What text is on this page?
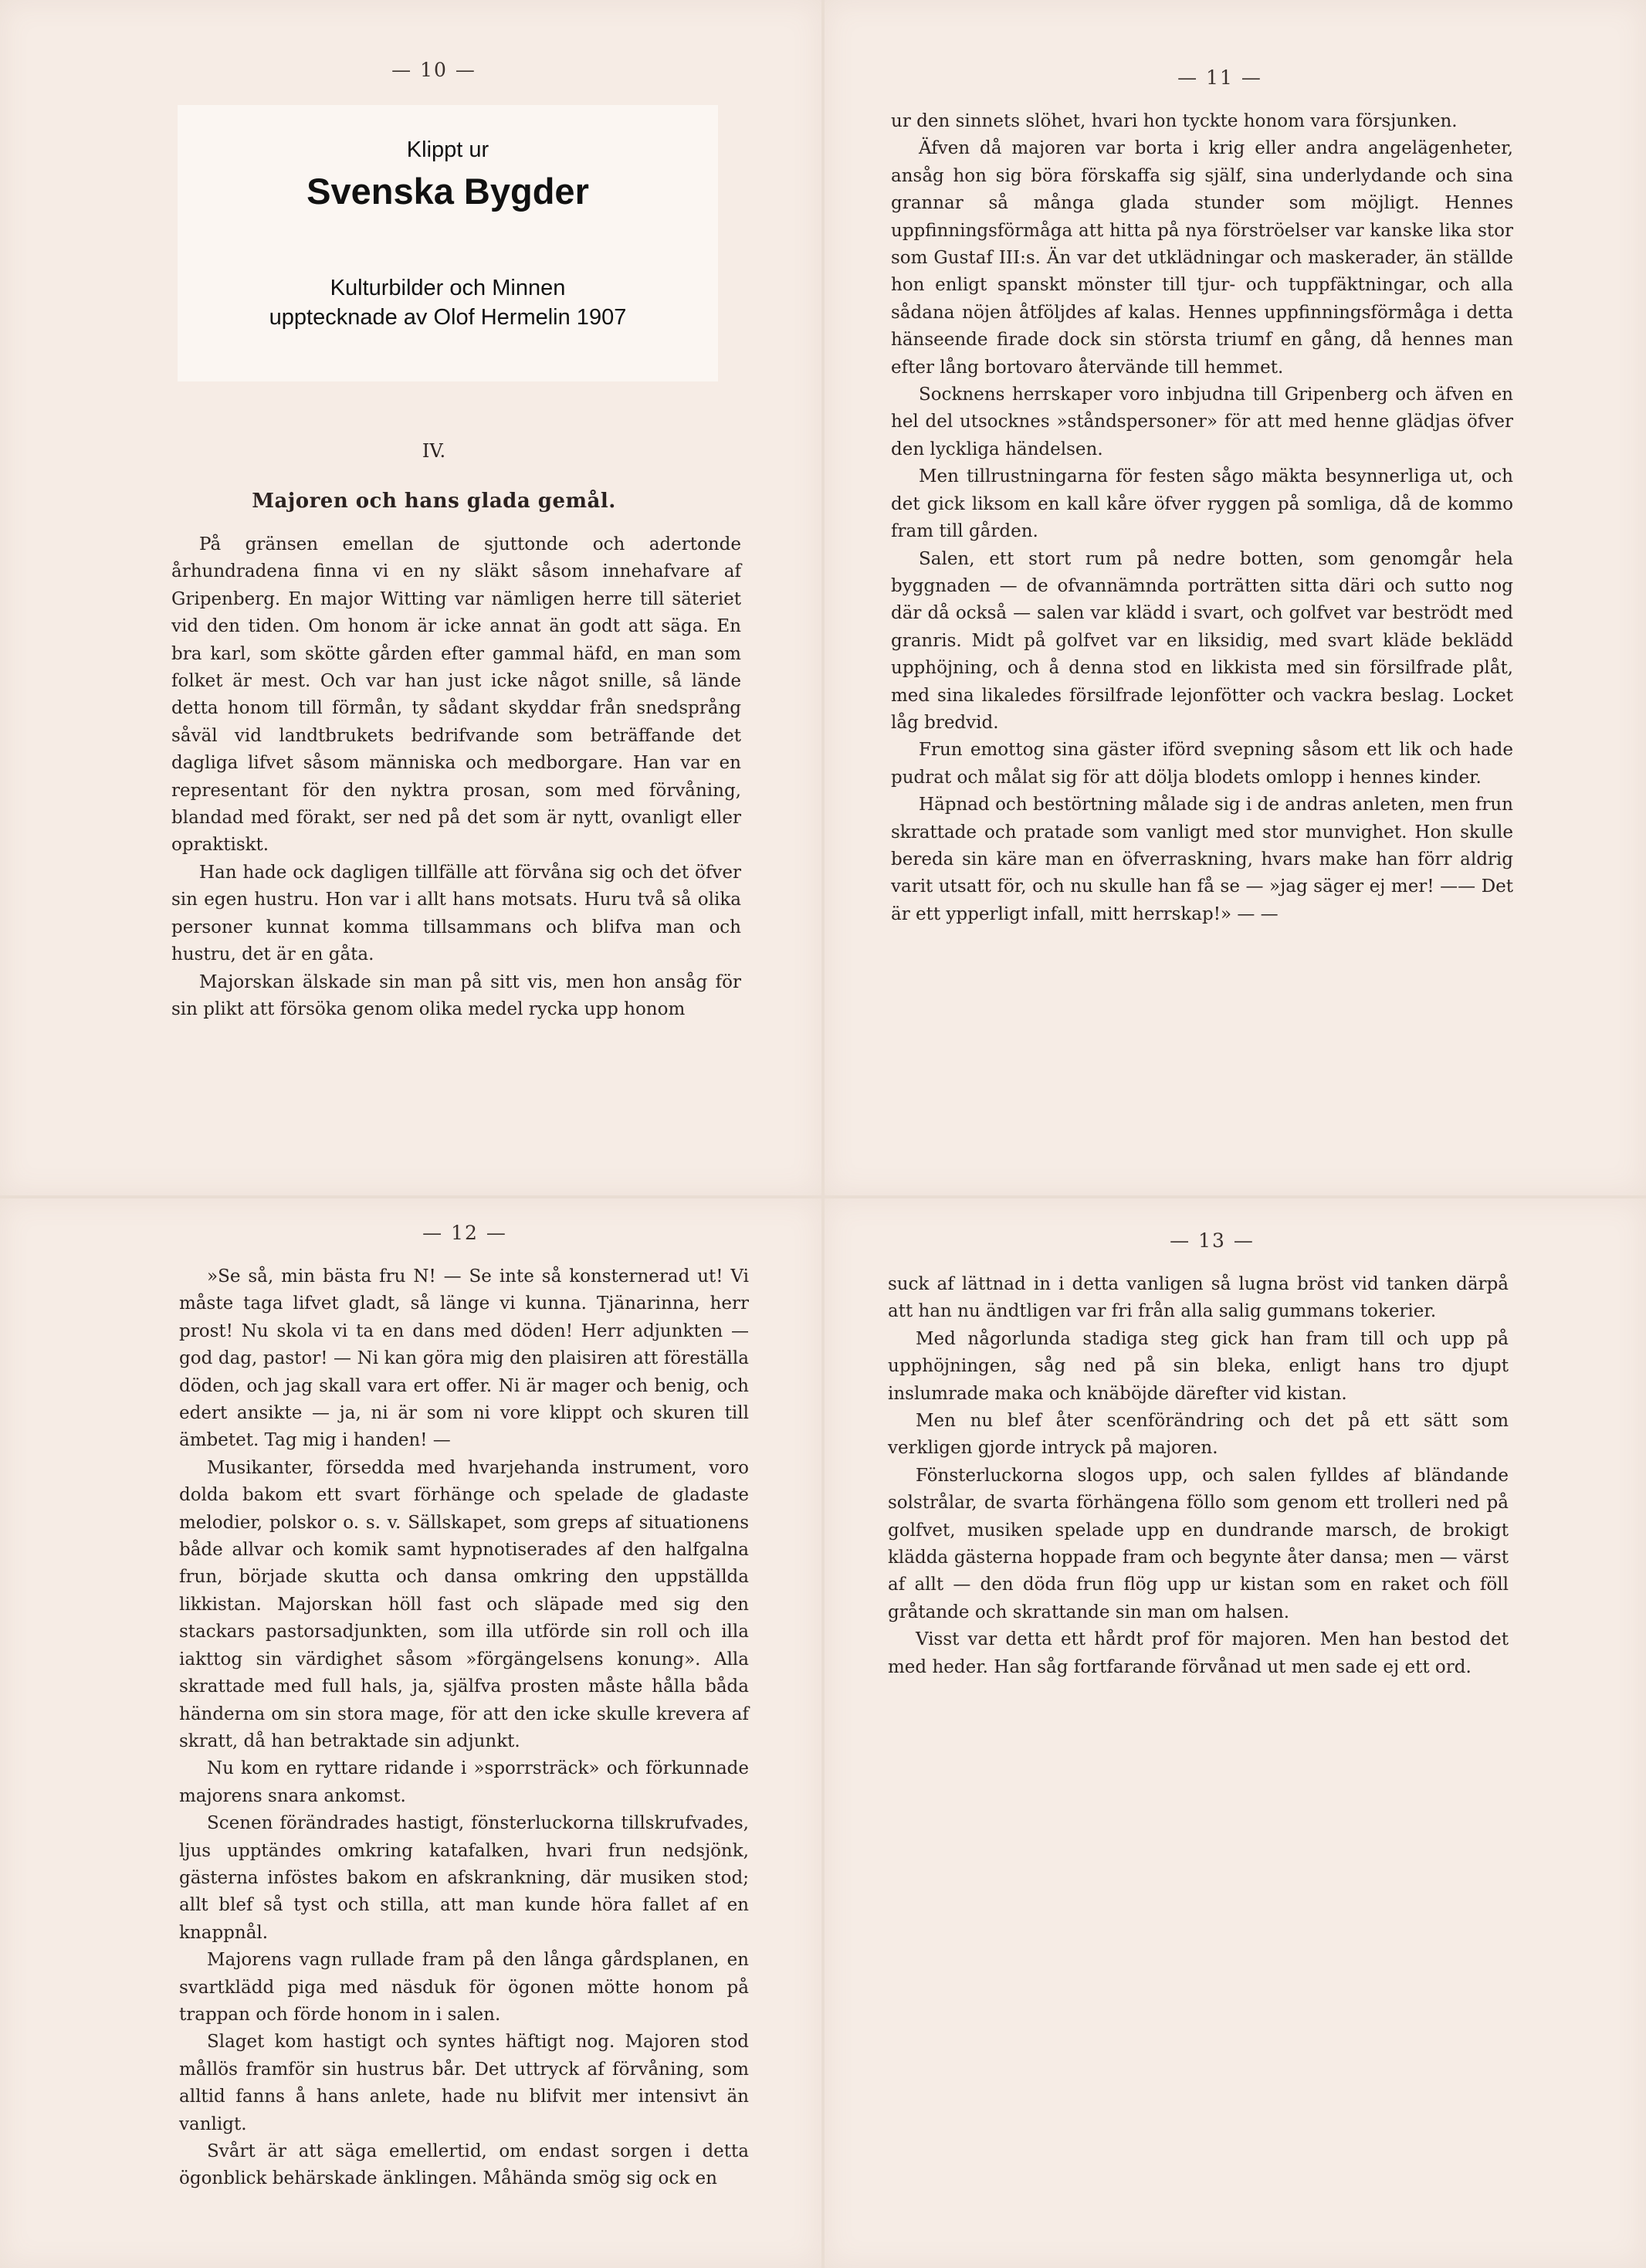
— 10 —
Klippt ur
Svenska Bygder
Kulturbilder och Minnen
upptecknade av Olof Hermelin 1907
IV.
Majoren och hans glada gemål.

På gränsen emellan de sjuttonde och adertonde århundradena finna vi en ny släkt såsom innehafvare af Gripenberg. En major Witting var nämligen herre till säteriet vid den tiden. Om honom är icke annat än godt att säga. En bra karl, som skötte gården efter gammal häfd, en man som folket är mest. Och var han just icke något snille, så lände detta honom till förmån, ty sådant skyddar från snedsprång såväl vid landtbrukets bedrifvande som beträffande det dagliga lifvet såsom människa och medborgare. Han var en representant för den nyktra prosan, som med förvåning, blandad med förakt, ser ned på det som är nytt, ovanligt eller opraktiskt.

Han hade ock dagligen tillfälle att förvåna sig och det öfver sin egen hustru. Hon var i allt hans motsats. Huru två så olika personer kunnat komma tillsammans och blifva man och hustru, det är en gåta.

Majorskan älskade sin man på sitt vis, men hon ansåg för sin plikt att försöka genom olika medel rycka upp honom

— 11 —

ur den sinnets slöhet, hvari hon tyckte honom vara försjunken.

Äfven då majoren var borta i krig eller andra angelägenheter, ansåg hon sig böra förskaffa sig själf, sina underlydande och sina grannar så många glada stunder som möjligt. Hennes uppfinningsförmåga att hitta på nya förströelser var kanske lika stor som Gustaf III:s. Än var det utklädningar och maskerader, än ställde hon enligt spanskt mönster till tjur- och tuppfäktningar, och alla sådana nöjen åtföljdes af kalas. Hennes uppfinningsförmåga i detta hänseende firade dock sin största triumf en gång, då hennes man efter lång bortovaro återvände till hemmet.

Socknens herrskaper voro inbjudna till Gripenberg och äfven en hel del utsocknes »ståndspersoner» för att med henne glädjas öfver den lyckliga händelsen.

Men tillrustningarna för festen sågo mäkta besynnerliga ut, och det gick liksom en kall kåre öfver ryggen på somliga, då de kommo fram till gården.

Salen, ett stort rum på nedre botten, som genomgår hela byggnaden — de ofvannämnda porträtten sitta däri och sutto nog där då också — salen var klädd i svart, och golfvet var beströdt med granris. Midt på golfvet var en liksidig, med svart kläde beklädd upphöjning, och å denna stod en likkista med sin försilfrade plåt, med sina likaledes försilfrade lejonfötter och vackra beslag. Locket låg bredvid.

Frun emottog sina gäster iförd svepning såsom ett lik och hade pudrat och målat sig för att dölja blodets omlopp i hennes kinder.

Häpnad och bestörtning målade sig i de andras anleten, men frun skrattade och pratade som vanligt med stor munvighet. Hon skulle bereda sin käre man en öfverraskning, hvars make han förr aldrig varit utsatt för, och nu skulle han få se — »jag säger ej mer! —— Det är ett ypperligt infall, mitt herrskap!» — —

— 12 —

»Se så, min bästa fru N! — Se inte så konsternerad ut! Vi måste taga lifvet gladt, så länge vi kunna. Tjänarinna, herr prost! Nu skola vi ta en dans med döden! Herr adjunkten — god dag, pastor! — Ni kan göra mig den plaisiren att föreställa döden, och jag skall vara ert offer. Ni är mager och benig, och edert ansikte — ja, ni är som ni vore klippt och skuren till ämbetet. Tag mig i handen! —

Musikanter, försedda med hvarjehanda instrument, voro dolda bakom ett svart förhänge och spelade de gladaste melodier, polskor o. s. v. Sällskapet, som greps af situationens både allvar och komik samt hypnotiserades af den halfgalna frun, började skutta och dansa omkring den uppställda likkistan. Majorskan höll fast och släpade med sig den stackars pastorsadjunkten, som illa utförde sin roll och illa iakttog sin värdighet såsom »förgängelsens konung». Alla skrattade med full hals, ja, själfva prosten måste hålla båda händerna om sin stora mage, för att den icke skulle krevera af skratt, då han betraktade sin adjunkt.

Nu kom en ryttare ridande i »sporrsträck» och förkunnade majorens snara ankomst.

Scenen förändrades hastigt, fönsterluckorna tillskrufvades, ljus upptändes omkring katafalken, hvari frun nedsjönk, gästerna inföstes bakom en afskrankning, där musiken stod; allt blef så tyst och stilla, att man kunde höra fallet af en knappnål.

Majorens vagn rullade fram på den långa gårdsplanen, en svartklädd piga med näsduk för ögonen mötte honom på trappan och förde honom in i salen.

Slaget kom hastigt och syntes häftigt nog. Majoren stod mållös framför sin hustrus bår. Det uttryck af förvåning, som alltid fanns å hans anlete, hade nu blifvit mer intensivt än vanligt.

Svårt är att säga emellertid, om endast sorgen i detta ögonblick behärskade änklingen. Måhända smög sig ock en

— 13 —

suck af lättnad in i detta vanligen så lugna bröst vid tanken därpå att han nu ändtligen var fri från alla salig gummans tokerier.

Med någorlunda stadiga steg gick han fram till och upp på upphöjningen, såg ned på sin bleka, enligt hans tro djupt inslumrade maka och knäböjde därefter vid kistan.

Men nu blef åter scenförändring och det på ett sätt som verkligen gjorde intryck på majoren.

Fönsterluckorna slogos upp, och salen fylldes af bländande solstrålar, de svarta förhängena föllo som genom ett trolleri ned på golfvet, musiken spelade upp en dundrande marsch, de brokigt klädda gästerna hoppade fram och begynte åter dansa; men — värst af allt — den döda frun flög upp ur kistan som en raket och föll gråtande och skrattande sin man om halsen.

Visst var detta ett hårdt prof för majoren. Men han bestod det med heder. Han såg fortfarande förvånad ut men sade ej ett ord.
